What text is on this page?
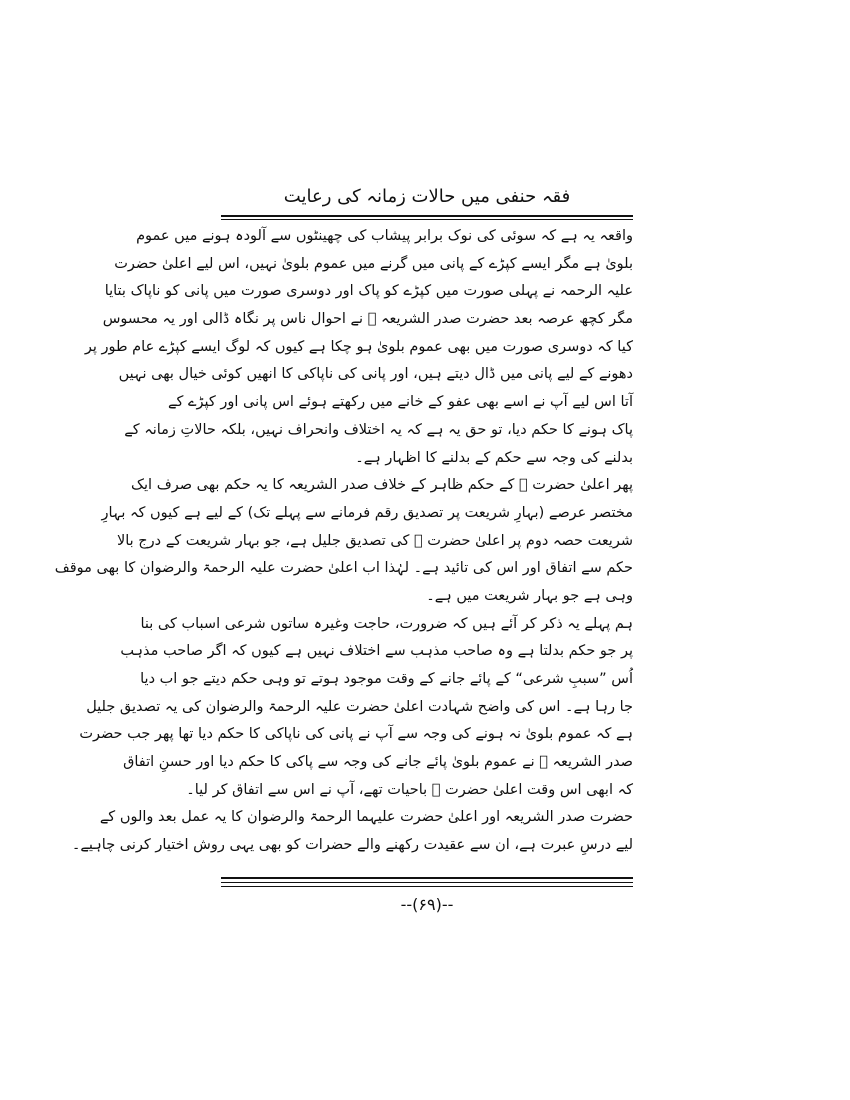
فقہ حنفی میں حالات زمانہ کی رعایت
واقعہ یہ ہے کہ سوئی کی نوک برابر پیشاب کی چھینٹوں سے آلودہ ہونے میں عموم
بلویٰ ہے مگر ایسے کپڑے کے پانی میں گرنے میں عموم بلویٰ نہیں، اس لیے اعلیٰ حضرت
علیہ الرحمہ نے پہلی صورت میں کپڑے کو پاک اور دوسری صورت میں پانی کو ناپاک بتایا
مگر کچھ عرصہ بعد حضرت صدر الشریعہ ﷫ نے احوال ناس پر نگاہ ڈالی اور یہ محسوس
کیا کہ دوسری صورت میں بھی عموم بلویٰ ہو چکا ہے کیوں کہ لوگ ایسے کپڑے عام طور پر
دھونے کے لیے پانی میں ڈال دیتے ہیں، اور پانی کی ناپاکی کا انھیں کوئی خیال بھی نہیں
آتا اس لیے آپ نے اسے بھی عفو کے خانے میں رکھتے ہوئے اس پانی اور کپڑے کے
پاک ہونے کا حکم دیا، تو حق یہ ہے کہ یہ اختلاف وانحراف نہیں، بلکہ حالاتِ زمانہ کے
بدلنے کی وجہ سے حکم کے بدلنے کا اظہار ہے۔
پھر اعلیٰ حضرت ﷫ کے حکم ظاہر کے خلاف صدر الشریعہ کا یہ حکم بھی صرف ایک
مختصر عرصے (بہارِ شریعت پر تصدیق رقم فرمانے سے پہلے تک) کے لیے ہے کیوں کہ بہارِ
شریعت حصہ دوم پر اعلیٰ حضرت ﷫ کی تصدیق جلیل ہے، جو بہار شریعت کے درج بالا
حکم سے اتفاق اور اس کی تائید ہے۔ لہٰذا اب اعلیٰ حضرت علیہ الرحمۃ والرضوان کا بھی موقف
وہی ہے جو بہار شریعت میں ہے۔
ہم پہلے یہ ذکر کر آئے ہیں کہ ضرورت، حاجت وغیرہ ساتوں شرعی اسباب کی بنا
پر جو حکم بدلتا ہے وہ صاحب مذہب سے اختلاف نہیں ہے کیوں کہ اگر صاحب مذہب
اُس ”سببِ شرعی“ کے پائے جانے کے وقت موجود ہوتے تو وہی حکم دیتے جو اب دیا
جا رہا ہے۔ اس کی واضح شہادت اعلیٰ حضرت علیہ الرحمۃ والرضوان کی یہ تصدیق جلیل
ہے کہ عموم بلویٰ نہ ہونے کی وجہ سے آپ نے پانی کی ناپاکی کا حکم دیا تھا پھر جب حضرت
صدر الشریعہ ﷫ نے عموم بلویٰ پائے جانے کی وجہ سے پاکی کا حکم دیا اور حسنِ اتفاق
کہ ابھی اس وقت اعلیٰ حضرت ﷫ باحیات تھے، آپ نے اس سے اتفاق کر لیا۔
حضرت صدر الشریعہ اور اعلیٰ حضرت علیہما الرحمۃ والرضوان کا یہ عمل بعد والوں کے
لیے درسِ عبرت ہے، ان سے عقیدت رکھنے والے حضرات کو بھی یہی روش اختیار کرنی چاہیے۔
--(۶۹)--
